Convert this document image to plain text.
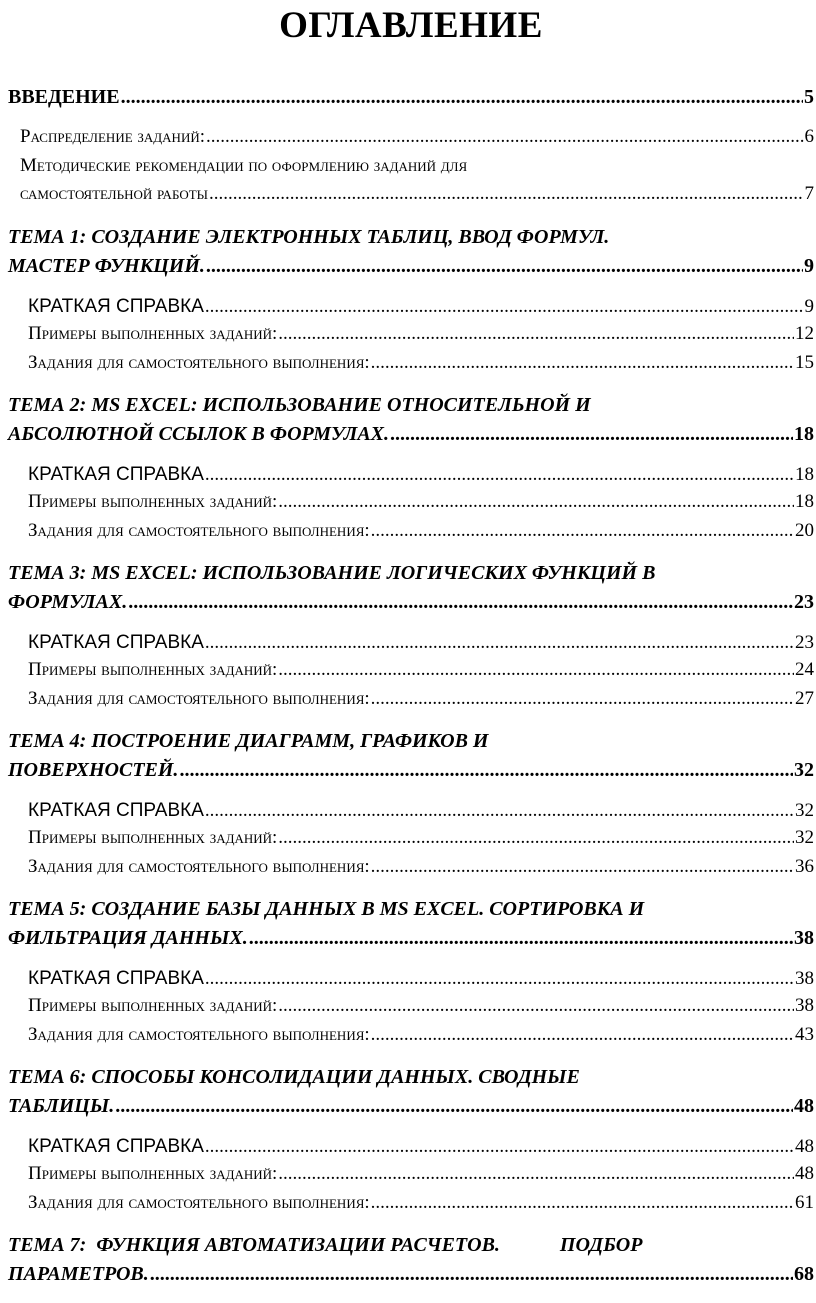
ОГЛАВЛЕНИЕ
ВВЕДЕНИЕ .....	5
Распределение заданий: .....	6
Методические рекомендации по оформлению заданий для
самостоятельной работы .....	7
ТЕМА 1: СОЗДАНИЕ ЭЛЕКТРОННЫХ ТАБЛИЦ, ВВОД ФОРМУЛ.
МАСТЕР ФУНКЦИЙ. .....	9
КРАТКАЯ СПРАВКА .....	9
Примеры выполненных заданий: .....	12
Задания для самостоятельного выполнения: .....	15
ТЕМА 2: MS EXCEL: ИСПОЛЬЗОВАНИЕ ОТНОСИТЕЛЬНОЙ И
АБСОЛЮТНОЙ ССЫЛОК В ФОРМУЛАХ. .....	18
КРАТКАЯ СПРАВКА .....	18
Примеры выполненных заданий: .....	18
Задания для самостоятельного выполнения: .....	20
ТЕМА 3: MS EXCEL: ИСПОЛЬЗОВАНИЕ ЛОГИЧЕСКИХ ФУНКЦИЙ В
ФОРМУЛАХ. .....	23
КРАТКАЯ СПРАВКА .....	23
Примеры выполненных заданий: .....	24
Задания для самостоятельного выполнения: .....	27
ТЕМА 4: ПОСТРОЕНИЕ ДИАГРАММ, ГРАФИКОВ И
ПОВЕРХНОСТЕЙ. .....	32
КРАТКАЯ СПРАВКА .....	32
Примеры выполненных заданий: .....	32
Задания для самостоятельного выполнения: .....	36
ТЕМА 5: СОЗДАНИЕ БАЗЫ ДАННЫХ В MS EXCEL. СОРТИРОВКА И
ФИЛЬТРАЦИЯ ДАННЫХ. .....	38
КРАТКАЯ СПРАВКА .....	38
Примеры выполненных заданий: .....	38
Задания для самостоятельного выполнения: .....	43
ТЕМА 6: СПОСОБЫ КОНСОЛИДАЦИИ ДАННЫХ. СВОДНЫЕ
ТАБЛИЦЫ. .....	48
КРАТКАЯ СПРАВКА .....	48
Примеры выполненных заданий: .....	48
Задания для самостоятельного выполнения: .....	61
ТЕМА 7:  ФУНКЦИЯ АВТОМАТИЗАЦИИ РАСЧЕТОВ.            ПОДБОР
ПАРАМЕТРОВ. .....	68
